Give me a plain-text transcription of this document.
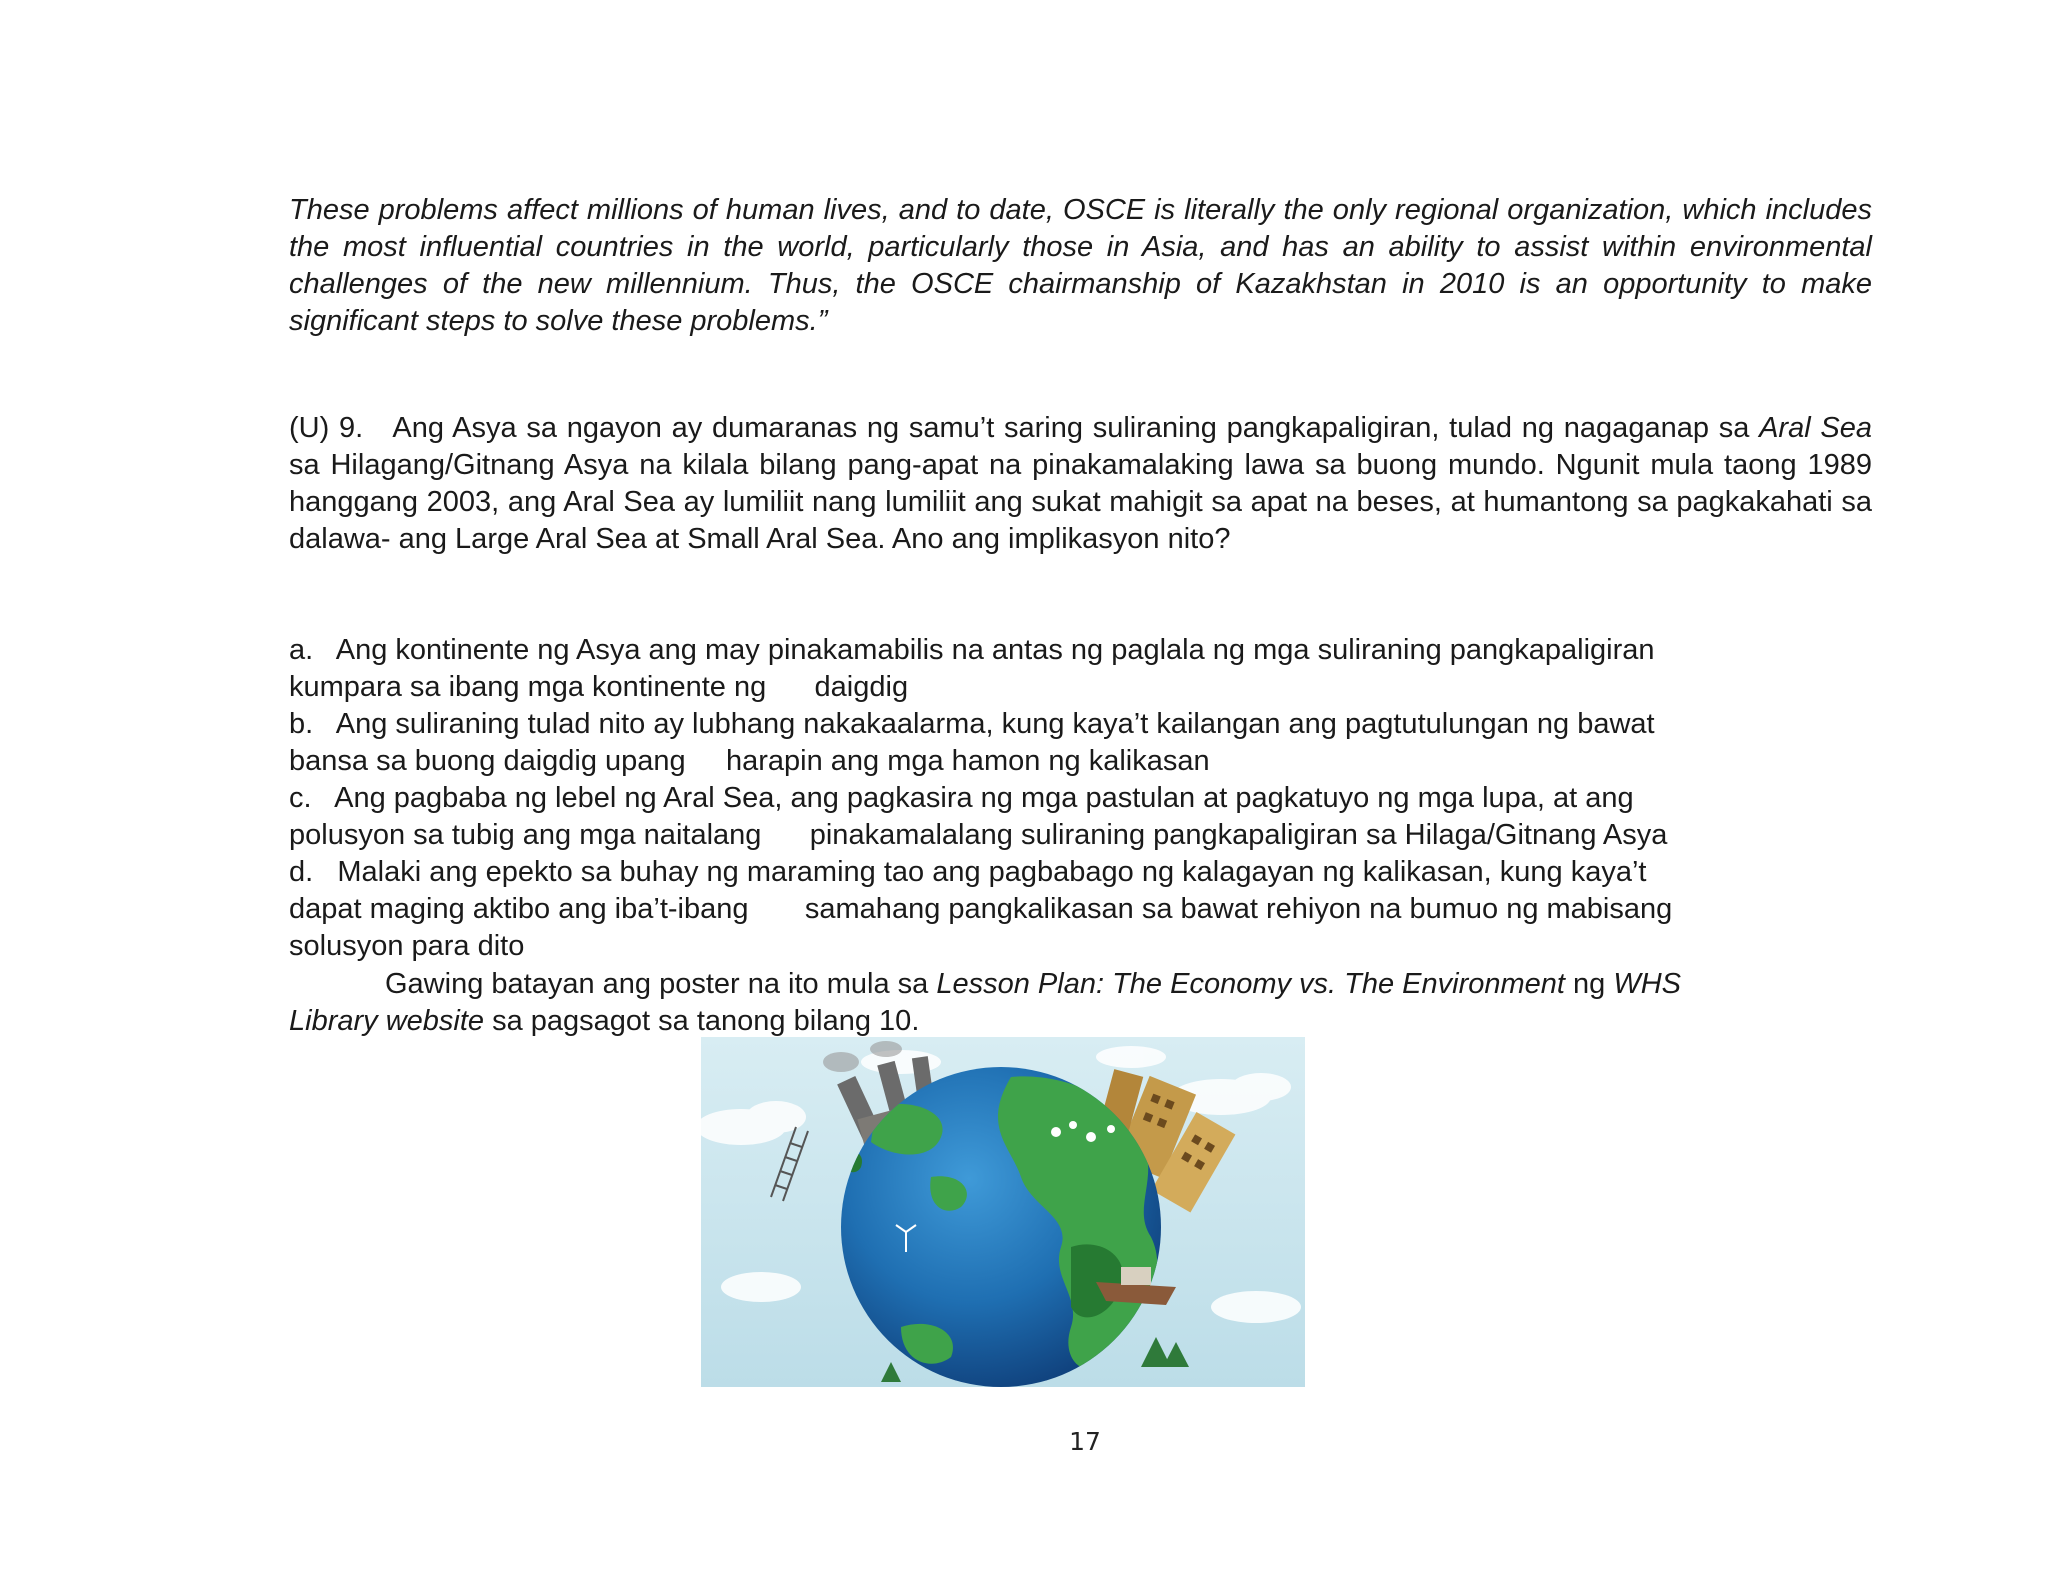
These problems affect millions of human lives, and to date, OSCE is literally the only regional organization, which includes the most influential countries in the world, particularly those in Asia, and has an ability to assist within environmental challenges of the new millennium. Thus, the OSCE chairmanship of Kazakhstan in 2010 is an opportunity to make significant steps to solve these problems.”
(U) 9. Ang Asya sa ngayon ay dumaranas ng samu’t saring suliraning pangkapaligiran, tulad ng nagaganap sa Aral Sea sa Hilagang/Gitnang Asya na kilala bilang pang-apat na pinakamalaking lawa sa buong mundo. Ngunit mula taong 1989 hanggang 2003, ang Aral Sea ay lumiliit nang lumiliit ang sukat mahigit sa apat na beses, at humantong sa pagkakahati sa dalawa- ang Large Aral Sea at Small Aral Sea. Ano ang implikasyon nito?
a.   Ang kontinente ng Asya ang may pinakamabilis na antas ng paglala ng mga suliraning pangkapaligiran
kumpara sa ibang mga kontinente ng      daigdig
b.   Ang suliraning tulad nito ay lubhang nakakaalarma, kung kaya’t kailangan ang pagtutulungan ng bawat
bansa sa buong daigdig upang     harapin ang mga hamon ng kalikasan
c.   Ang pagbaba ng lebel ng Aral Sea, ang pagkasira ng mga pastulan at pagkatuyo ng mga lupa, at ang
polusyon sa tubig ang mga naitalang      pinakamalalang suliraning pangkapaligiran sa Hilaga/Gitnang Asya
d.   Malaki ang epekto sa buhay ng maraming tao ang pagbabago ng kalagayan ng kalikasan, kung kaya’t
dapat maging aktibo ang iba’t-ibang       samahang pangkalikasan sa bawat rehiyon na bumuo ng mabisang
solusyon para dito
Gawing batayan ang poster na ito mula sa Lesson Plan: The Economy vs. The Environment ng WHS
Library website sa pagsagot sa tanong bilang 10.
17
